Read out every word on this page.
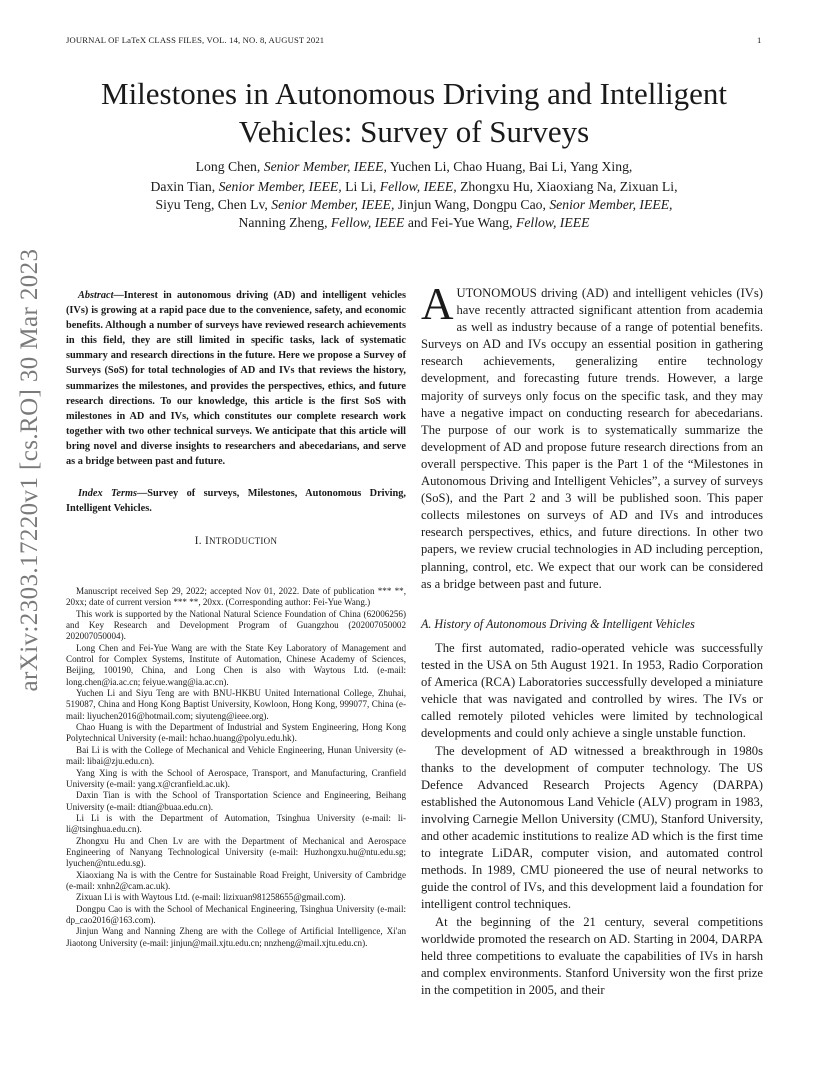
JOURNAL OF LaTeX CLASS FILES, VOL. 14, NO. 8, AUGUST 2021	1
arXiv:2303.17220v1 [cs.RO] 30 Mar 2023
Milestones in Autonomous Driving and Intelligent
Vehicles: Survey of Surveys
Long Chen, Senior Member, IEEE, Yuchen Li, Chao Huang, Bai Li, Yang Xing,
Daxin Tian, Senior Member, IEEE, Li Li, Fellow, IEEE, Zhongxu Hu, Xiaoxiang Na, Zixuan Li,
Siyu Teng, Chen Lv, Senior Member, IEEE, Jinjun Wang, Dongpu Cao, Senior Member, IEEE,
Nanning Zheng, Fellow, IEEE and Fei-Yue Wang, Fellow, IEEE
Abstract—Interest in autonomous driving (AD) and intelligent vehicles (IVs) is growing at a rapid pace due to the convenience, safety, and economic benefits. Although a number of surveys have reviewed research achievements in this field, they are still limited in specific tasks, lack of systematic summary and research directions in the future. Here we propose a Survey of Surveys (SoS) for total technologies of AD and IVs that reviews the history, summarizes the milestones, and provides the perspectives, ethics, and future research directions. To our knowledge, this article is the first SoS with milestones in AD and IVs, which constitutes our complete research work together with two other technical surveys. We anticipate that this article will bring novel and diverse insights to researchers and abecedarians, and serve as a bridge between past and future.
Index Terms—Survey of surveys, Milestones, Autonomous Driving, Intelligent Vehicles.
I. INTRODUCTION

Manuscript received Sep 29, 2022; accepted Nov 01, 2022. Date of publication *** **, 20xx; date of current version *** **, 20xx. (Corresponding author: Fei-Yue Wang.)

This work is supported by the National Natural Science Foundation of China (62006256) and Key Research and Development Program of Guangzhou (202007050002 202007050004).

Long Chen and Fei-Yue Wang are with the State Key Laboratory of Management and Control for Complex Systems, Institute of Automation, Chinese Academy of Sciences, Beijing, 100190, China, and Long Chen is also with Waytous Ltd. (e-mail: long.chen@ia.ac.cn; feiyue.wang@ia.ac.cn).

Yuchen Li and Siyu Teng are with BNU-HKBU United International College, Zhuhai, 519087, China and Hong Kong Baptist University, Kowloon, Hong Kong, 999077, China (e-mail: liyuchen2016@hotmail.com; siyuteng@ieee.org).

Chao Huang is with the Department of Industrial and System Engineering, Hong Kong Polytechnical University (e-mail: hchao.huang@polyu.edu.hk).

Bai Li is with the College of Mechanical and Vehicle Engineering, Hunan University (e-mail: libai@zju.edu.cn).

Yang Xing is with the School of Aerospace, Transport, and Manufacturing, Cranfield University (e-mail: yang.x@cranfield.ac.uk).

Daxin Tian is with the School of Transportation Science and Engineering, Beihang University (e-mail: dtian@buaa.edu.cn).

Li Li is with the Department of Automation, Tsinghua University (e-mail: li-li@tsinghua.edu.cn).

Zhongxu Hu and Chen Lv are with the Department of Mechanical and Aerospace Engineering of Nanyang Technological University (e-mail: Huzhongxu.hu@ntu.edu.sg; lyuchen@ntu.edu.sg).

Xiaoxiang Na is with the Centre for Sustainable Road Freight, University of Cambridge (e-mail: xnhn2@cam.ac.uk).

Zixuan Li is with Waytous Ltd. (e-mail: lizixuan981258655@gmail.com).

Dongpu Cao is with the School of Mechanical Engineering, Tsinghua University (e-mail: dp_cao2016@163.com).

Jinjun Wang and Nanning Zheng are with the College of Artificial Intelligence, Xi'an Jiaotong University (e-mail: jinjun@mail.xjtu.edu.cn; nnzheng@mail.xjtu.edu.cn).

AUTONOMOUS driving (AD) and intelligent vehicles (IVs) have recently attracted significant attention from academia as well as industry because of a range of potential benefits. Surveys on AD and IVs occupy an essential position in gathering research achievements, generalizing entire technology development, and forecasting future trends. However, a large majority of surveys only focus on the specific task, and they may have a negative impact on conducting research for abecedarians. The purpose of our work is to systematically summarize the development of AD and propose future research directions from an overall perspective. This paper is the Part 1 of the “Milestones in Autonomous Driving and Intelligent Vehicles”, a survey of surveys (SoS), and the Part 2 and 3 will be published soon. This paper collects milestones on surveys of AD and IVs and introduces research perspectives, ethics, and future directions. In other two papers, we review crucial technologies in AD including perception, planning, control, etc. We expect that our work can be considered as a bridge between past and future.

A. History of Autonomous Driving & Intelligent Vehicles

The first automated, radio-operated vehicle was successfully tested in the USA on 5th August 1921. In 1953, Radio Corporation of America (RCA) Laboratories successfully developed a miniature vehicle that was navigated and controlled by wires. The IVs or called remotely piloted vehicles were limited by technological developments and could only achieve a single unstable function.

The development of AD witnessed a breakthrough in 1980s thanks to the development of computer technology. The US Defence Advanced Research Projects Agency (DARPA) established the Autonomous Land Vehicle (ALV) program in 1983, involving Carnegie Mellon University (CMU), Stanford University, and other academic institutions to realize AD which is the first time to integrate LiDAR, computer vision, and automated control methods. In 1989, CMU pioneered the use of neural networks to guide the control of IVs, and this development laid a foundation for intelligent control techniques.

At the beginning of the 21 century, several competitions worldwide promoted the research on AD. Starting in 2004, DARPA held three competitions to evaluate the capabilities of IVs in harsh and complex environments. Stanford University won the first prize in the competition in 2005, and their
